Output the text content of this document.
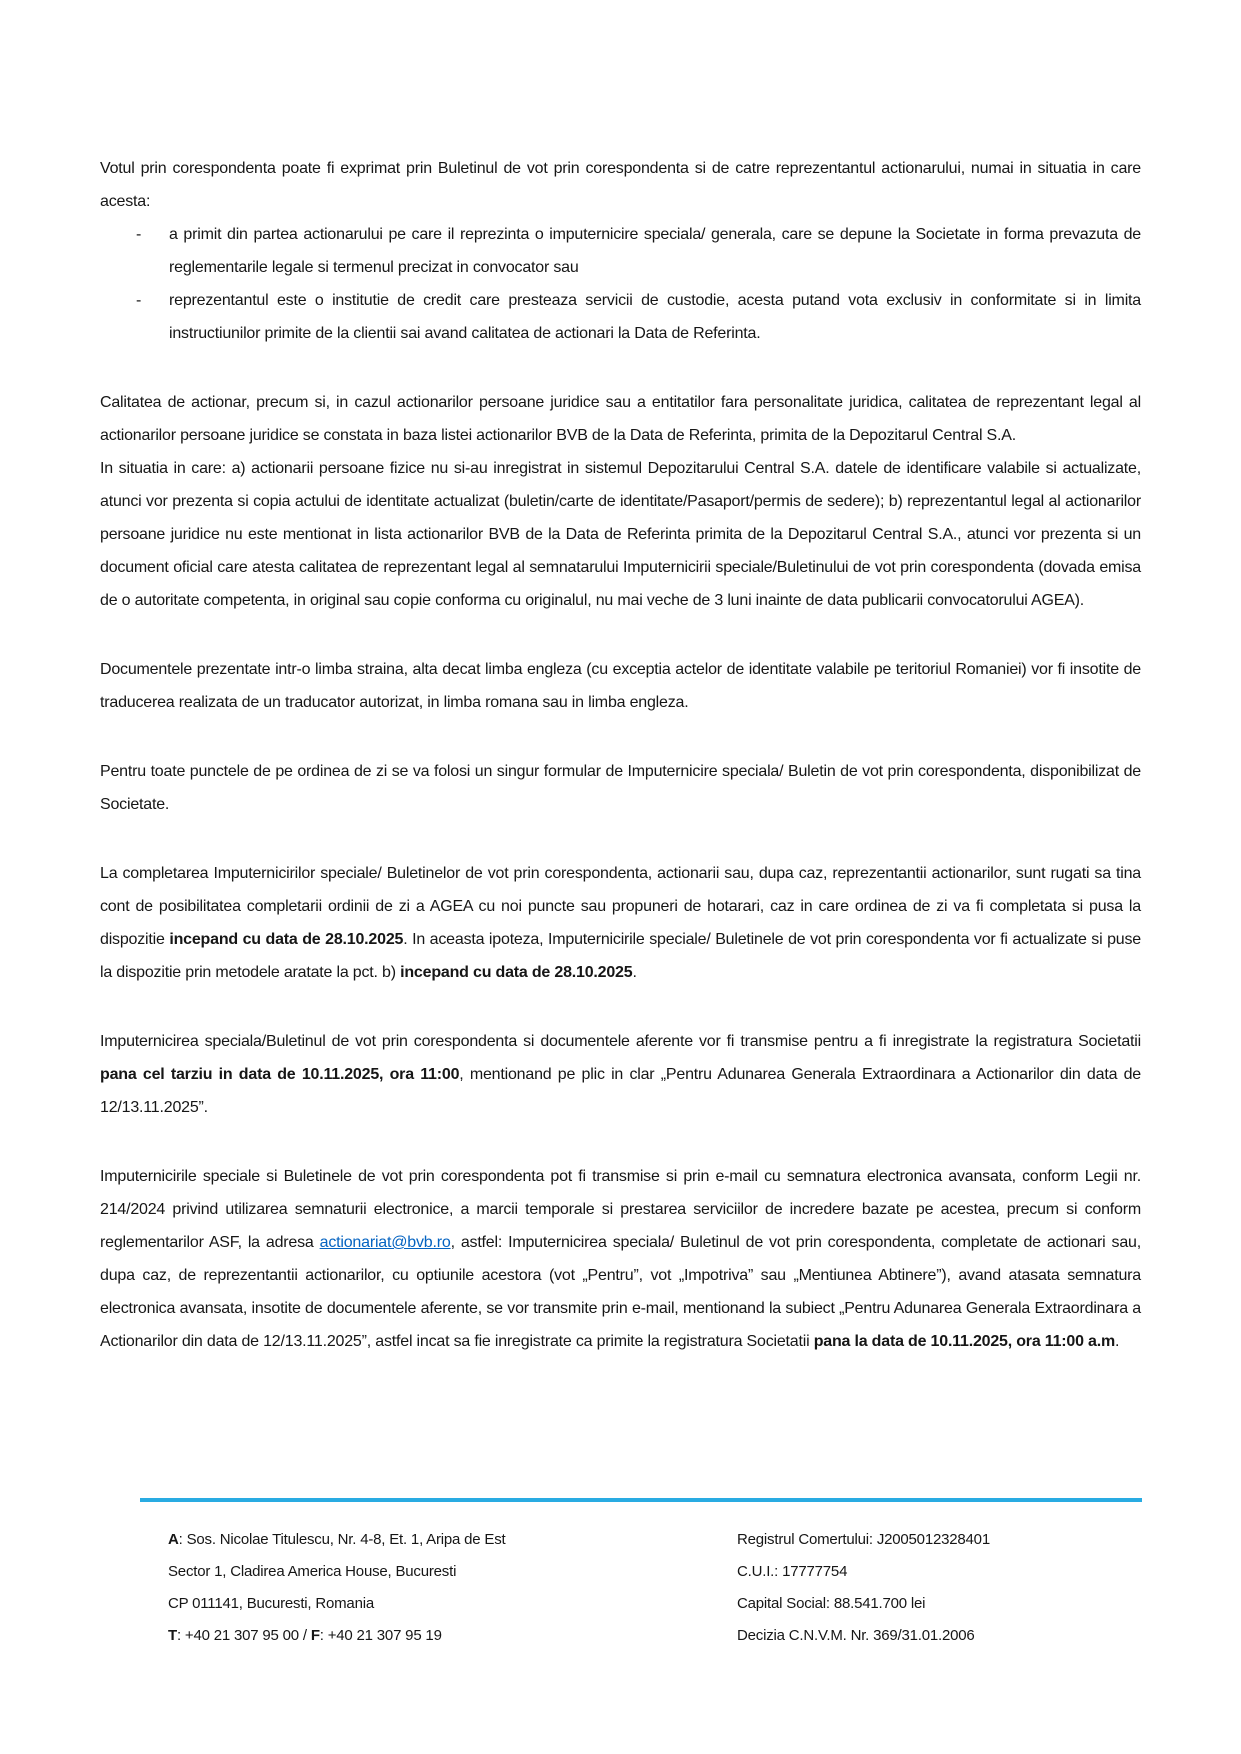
Votul prin corespondenta poate fi exprimat prin Buletinul de vot prin corespondenta si de catre reprezentantul actionarului, numai in situatia in care acesta:
-	a primit din partea actionarului pe care il reprezinta o imputernicire speciala/ generala, care se depune la Societate in forma prevazuta de reglementarile legale si termenul precizat in convocator sau
-	reprezentantul este o institutie de credit care presteaza servicii de custodie, acesta putand vota exclusiv in conformitate si in limita instructiunilor primite de la clientii sai avand calitatea de actionari la Data de Referinta.
Calitatea de actionar, precum si, in cazul actionarilor persoane juridice sau a entitatilor fara personalitate juridica, calitatea de reprezentant legal al actionarilor persoane juridice se constata in baza listei actionarilor BVB de la Data de Referinta, primita de la Depozitarul Central S.A.
In situatia in care: a) actionarii persoane fizice nu si-au inregistrat in sistemul Depozitarului Central S.A. datele de identificare valabile si actualizate, atunci vor prezenta si copia actului de identitate actualizat (buletin/carte de identitate/Pasaport/permis de sedere); b) reprezentantul legal al actionarilor persoane juridice nu este mentionat in lista actionarilor BVB de la Data de Referinta primita de la Depozitarul Central S.A., atunci vor prezenta si un document oficial care atesta calitatea de reprezentant legal al semnatarului Imputernicirii speciale/Buletinului de vot prin corespondenta (dovada emisa de o autoritate competenta, in original sau copie conforma cu originalul, nu mai veche de 3 luni inainte de data publicarii convocatorului AGEA).
Documentele prezentate intr-o limba straina, alta decat limba engleza (cu exceptia actelor de identitate valabile pe teritoriul Romaniei) vor fi insotite de traducerea realizata de un traducator autorizat, in limba romana sau in limba engleza.
Pentru toate punctele de pe ordinea de zi se va folosi un singur formular de Imputernicire speciala/ Buletin de vot prin corespondenta, disponibilizat de Societate.
La completarea Imputernicirilor speciale/ Buletinelor de vot prin corespondenta, actionarii sau, dupa caz, reprezentantii actionarilor, sunt rugati sa tina cont de posibilitatea completarii ordinii de zi a AGEA cu noi puncte sau propuneri de hotarari, caz in care ordinea de zi va fi completata si pusa la dispozitie incepand cu data de 28.10.2025. In aceasta ipoteza, Imputernicirile speciale/ Buletinele de vot prin corespondenta vor fi actualizate si puse la dispozitie prin metodele aratate la pct. b) incepand cu data de 28.10.2025.
Imputernicirea speciala/Buletinul de vot prin corespondenta si documentele aferente vor fi transmise pentru a fi inregistrate la registratura Societatii pana cel tarziu in data de 10.11.2025, ora 11:00, mentionand pe plic in clar „Pentru Adunarea Generala Extraordinara a Actionarilor din data de 12/13.11.2025”.
Imputernicirile speciale si Buletinele de vot prin corespondenta pot fi transmise si prin e-mail cu semnatura electronica avansata, conform Legii nr. 214/2024 privind utilizarea semnaturii electronice, a marcii temporale si prestarea serviciilor de incredere bazate pe acestea, precum si conform reglementarilor ASF, la adresa actionariat@bvb.ro, astfel: Imputernicirea speciala/ Buletinul de vot prin corespondenta, completate de actionari sau, dupa caz, de reprezentantii actionarilor, cu optiunile acestora (vot „Pentru”, vot „Impotriva” sau „Mentiunea Abtinere”), avand atasata semnatura electronica avansata, insotite de documentele aferente, se vor transmite prin e-mail, mentionand la subiect „Pentru Adunarea Generala Extraordinara a Actionarilor din data de 12/13.11.2025”, astfel incat sa fie inregistrate ca primite la registratura Societatii pana la data de 10.11.2025, ora 11:00 a.m.
A: Sos. Nicolae Titulescu, Nr. 4-8, Et. 1, Aripa de Est
Sector 1, Cladirea America House, Bucuresti
CP 011141, Bucuresti, Romania
T: +40 21 307 95 00 / F: +40 21 307 95 19
Registrul Comertului: J2005012328401
C.U.I.: 17777754
Capital Social: 88.541.700 lei
Decizia C.N.V.M. Nr. 369/31.01.2006
